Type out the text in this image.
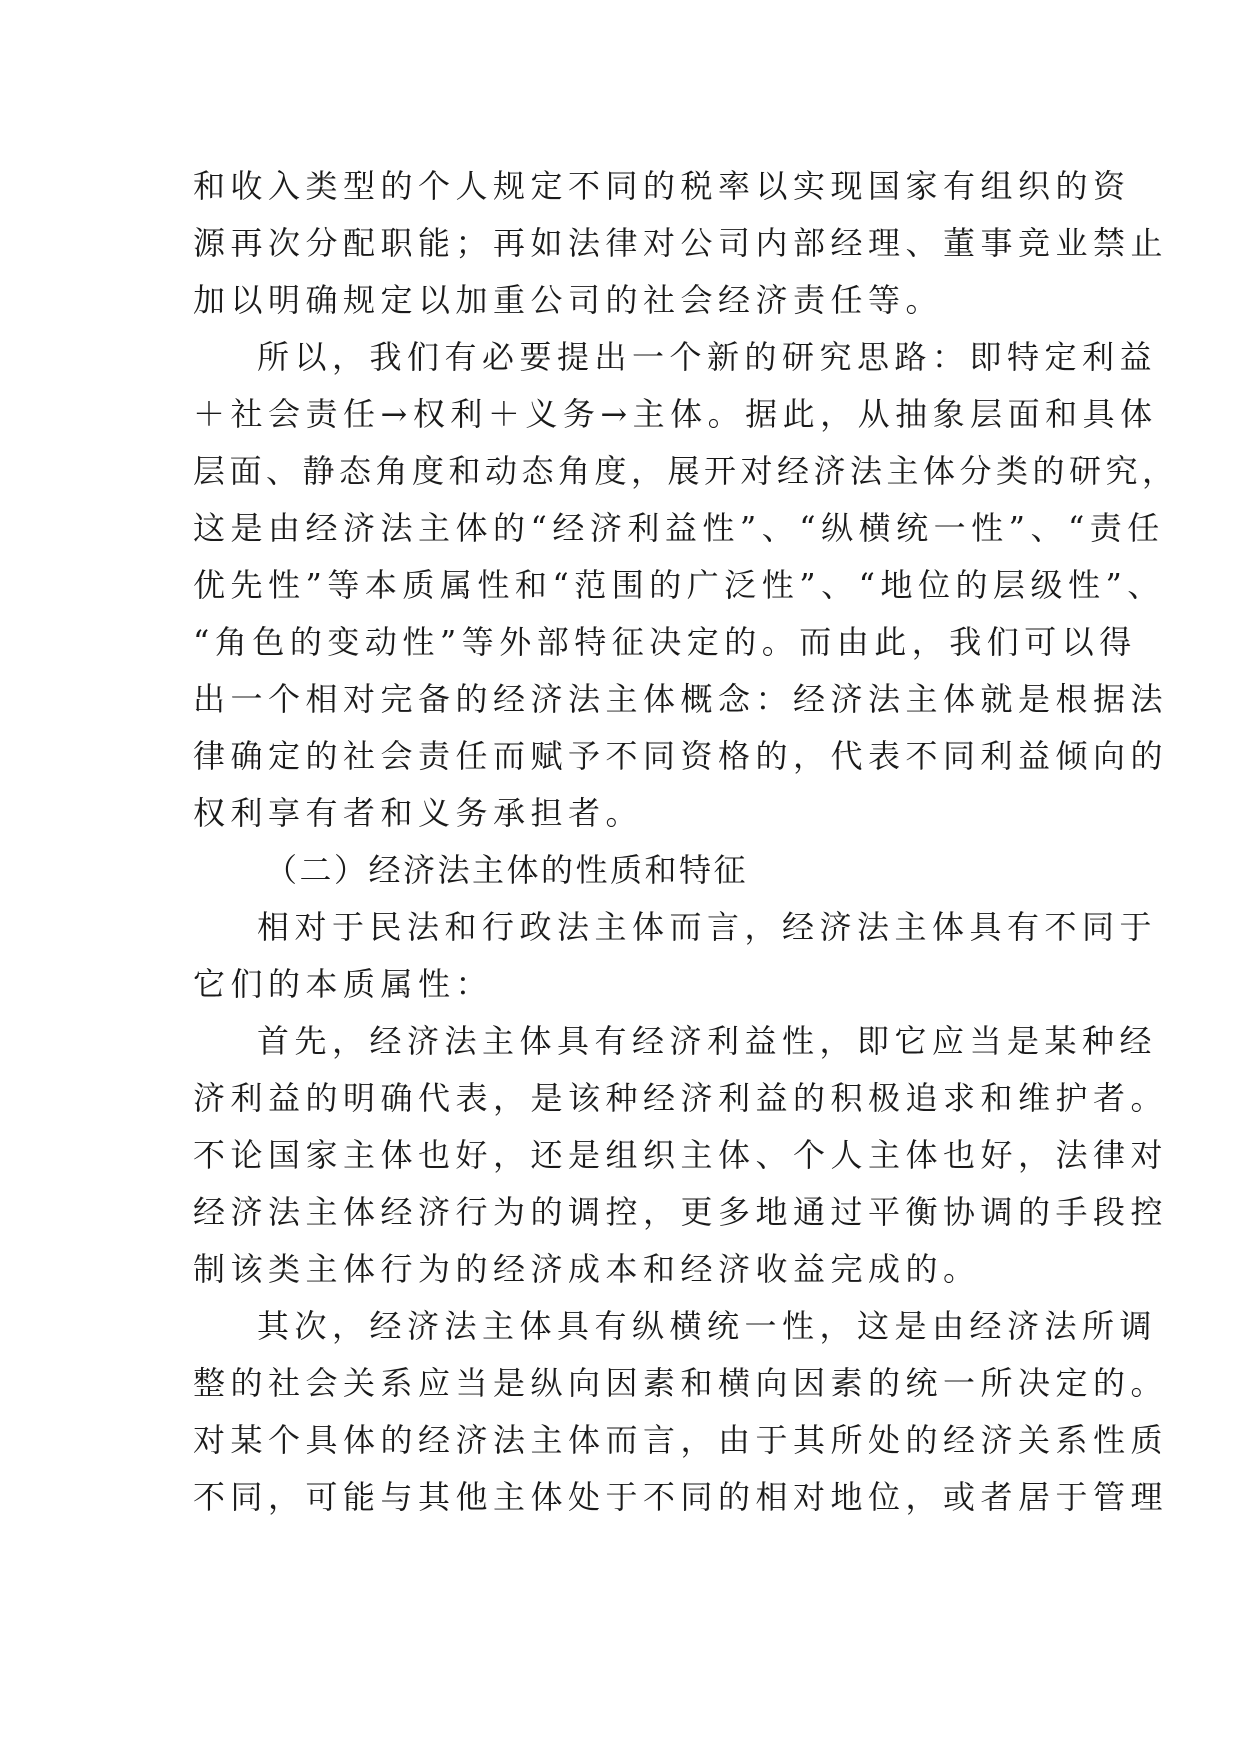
和收入类型的个人规定不同的税率以实现国家有组织的资
源再次分配职能；再如法律对公司内部经理、董事竞业禁止
加以明确规定以加重公司的社会经济责任等。
所以，我们有必要提出一个新的研究思路：即特定利益
＋社会责任→权利＋义务→主体。据此，从抽象层面和具体
层面、静态角度和动态角度，展开对经济法主体分类的研究，
这是由经济法主体的“经济利益性”、“纵横统一性”、“责任
优先性”等本质属性和“范围的广泛性”、“地位的层级性”、
“角色的变动性”等外部特征决定的。而由此，我们可以得
出一个相对完备的经济法主体概念：经济法主体就是根据法
律确定的社会责任而赋予不同资格的，代表不同利益倾向的
权利享有者和义务承担者。
（二）经济法主体的性质和特征
相对于民法和行政法主体而言，经济法主体具有不同于
它们的本质属性：
首先，经济法主体具有经济利益性，即它应当是某种经
济利益的明确代表，是该种经济利益的积极追求和维护者。
不论国家主体也好，还是组织主体、个人主体也好，法律对
经济法主体经济行为的调控，更多地通过平衡协调的手段控
制该类主体行为的经济成本和经济收益完成的。
其次，经济法主体具有纵横统一性，这是由经济法所调
整的社会关系应当是纵向因素和横向因素的统一所决定的。
对某个具体的经济法主体而言，由于其所处的经济关系性质
不同，可能与其他主体处于不同的相对地位，或者居于管理
